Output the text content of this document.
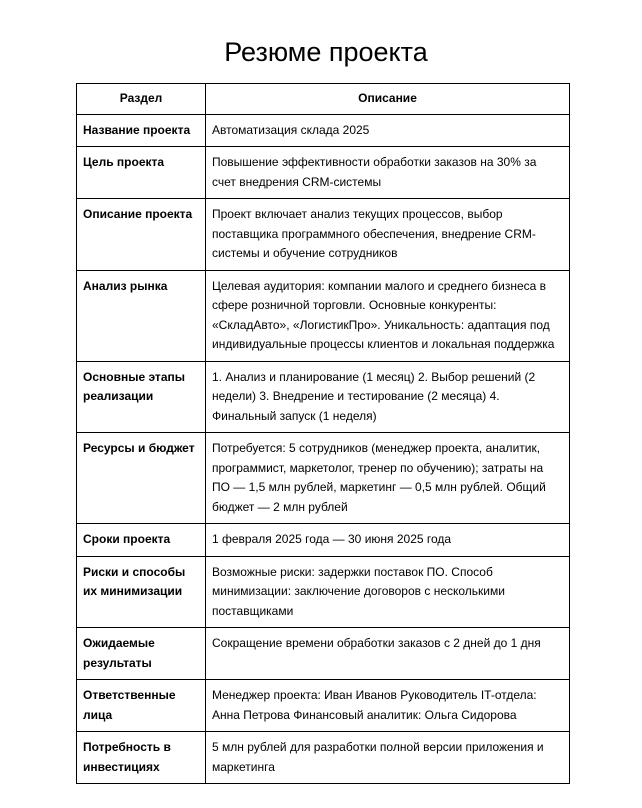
Резюме проекта
Раздел	Описание
Название проекта	Автоматизация склада 2025
Цель проекта	Повышение эффективности обработки заказов на 30% за счет внедрения CRM-системы
Описание проекта	Проект включает анализ текущих процессов, выбор поставщика программного обеспечения, внедрение CRM-системы и обучение сотрудников
Анализ рынка	Целевая аудитория: компании малого и среднего бизнеса в сфере розничной торговли. Основные конкуренты: «СкладАвто», «ЛогистикПро». Уникальность: адаптация под индивидуальные процессы клиентов и локальная поддержка
Основные этапы реализации	1. Анализ и планирование (1 месяц) 2. Выбор решений (2 недели) 3. Внедрение и тестирование (2 месяца) 4. Финальный запуск (1 неделя)
Ресурсы и бюджет	Потребуется: 5 сотрудников (менеджер проекта, аналитик, программист, маркетолог, тренер по обучению); затраты на ПО — 1,5 млн рублей, маркетинг — 0,5 млн рублей. Общий бюджет — 2 млн рублей
Сроки проекта	1 февраля 2025 года — 30 июня 2025 года
Риски и способы их минимизации	Возможные риски: задержки поставок ПО. Способ минимизации: заключение договоров с несколькими поставщиками
Ожидаемые результаты	Сокращение времени обработки заказов с 2 дней до 1 дня
Ответственные лица	Менеджер проекта: Иван Иванов Руководитель IT-отдела: Анна Петрова Финансовый аналитик: Ольга Сидорова
Потребность в инвестициях	5 млн рублей для разработки полной версии приложения и маркетинга
